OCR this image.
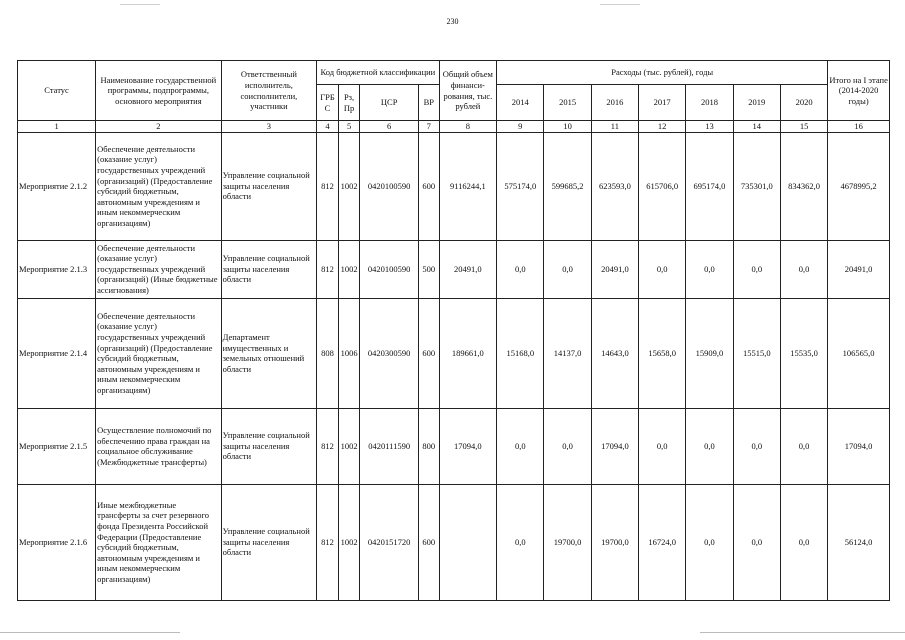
230
Статус	Наименование государственной программы, подпрограммы, основного мероприятия	Ответственный исполнитель, соисполнители, участники	Код бюджетной классификации				Общий объем финанси-рования, тыс. рублей	Расходы (тыс. рублей), годы							Итого на I этапе (2014-2020 годы)
			ГРБ С	Рз, Пр	ЦСР	ВР		2014	2015	2016	2017	2018	2019	2020	
1	2	3	4	5	6	7	8	9	10	11	12	13	14	15	16
Мероприятие 2.1.2	Обеспечение деятельности (оказание услуг) государственных учреждений (организаций) (Предоставление субсидий бюджетным, автономным учреждениям и иным некоммерческим организациям)	Управление социальной защиты населения области	812	1002	0420100590	600	9116244,1	575174,0	599685,2	623593,0	615706,0	695174,0	735301,0	834362,0	4678995,2
Мероприятие 2.1.3	Обеспечение деятельности (оказание услуг) государственных учреждений (организаций) (Иные бюджетные ассигнования)	Управление социальной защиты населения области	812	1002	0420100590	500	20491,0	0,0	0,0	20491,0	0,0	0,0	0,0	0,0	20491,0
Мероприятие 2.1.4	Обеспечение деятельности (оказание услуг) государственных учреждений (организаций) (Предоставление субсидий бюджетным, автономным учреждениям и иным некоммерческим организациям)	Департамент имущественных и земельных отношений области	808	1006	0420300590	600	189661,0	15168,0	14137,0	14643,0	15658,0	15909,0	15515,0	15535,0	106565,0
Мероприятие 2.1.5	Осуществление полномочий по обеспечению права граждан на социальное обслуживание (Межбюджетные трансферты)	Управление социальной защиты населения области	812	1002	0420111590	800	17094,0	0,0	0,0	17094,0	0,0	0,0	0,0	0,0	17094,0
Мероприятие 2.1.6	Иные межбюджетные трансферты за счет резервного фонда Президента Российской Федерации (Предоставление субсидий бюджетным, автономным учреждениям и иным некоммерческим организациям)	Управление социальной защиты населения области	812	1002	0420151720	600		0,0	19700,0	19700,0	16724,0	0,0	0,0	0,0	56124,0
